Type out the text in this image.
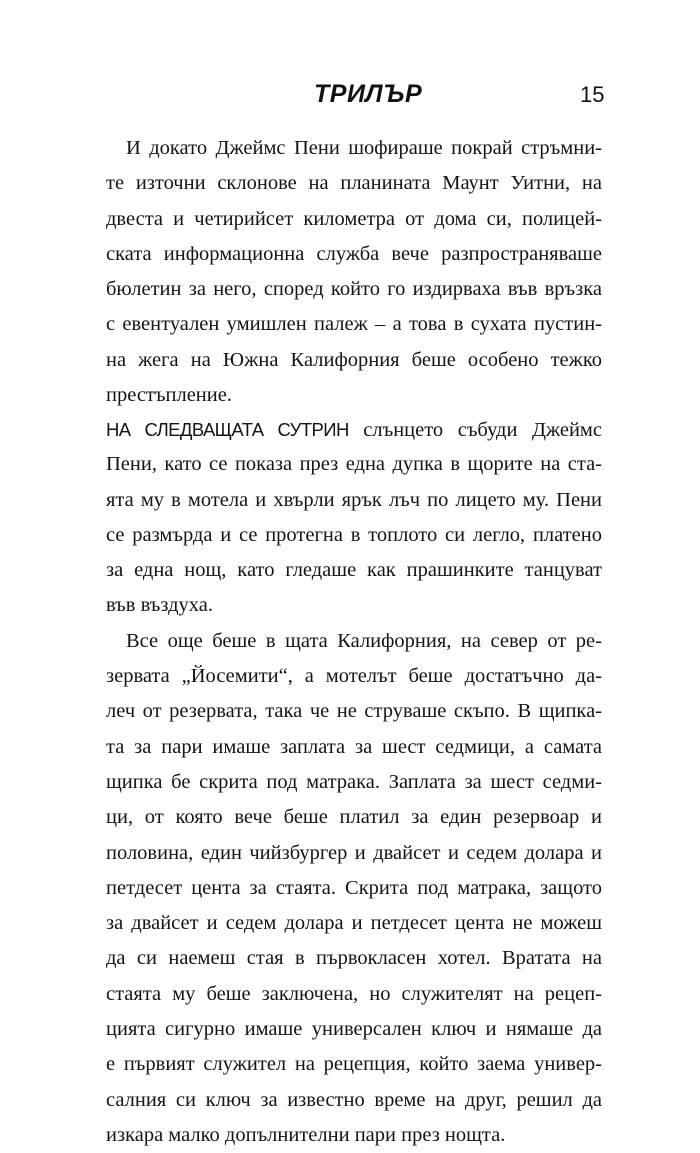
ТРИЛЪР	15
И докато Джеймс Пени шофираше покрай стръмни-
те източни склонове на планината Маунт Уитни, на
двеста и четирийсет километра от дома си, полицей-
ската информационна служба вече разпространяваше
бюлетин за него, според който го издирваха във връзка
с евентуален умишлен палеж – а това в сухата пустин-
на жега на Южна Калифорния беше особено тежко
престъпление.
НА СЛЕДВАЩАТА СУТРИН слънцето събуди Джеймс
Пени, като се показа през една дупка в щорите на ста-
ята му в мотела и хвърли ярък лъч по лицето му. Пени
се размърда и се протегна в топлото си легло, платено
за една нощ, като гледаше как прашинките танцуват
във въздуха.
Все още беше в щата Калифорния, на север от ре-
зервата „Йосемити“, а мотелът беше достатъчно да-
леч от резервата, така че не струваше скъпо. В щипка-
та за пари имаше заплата за шест седмици, а самата
щипка бе скрита под матрака. Заплата за шест седми-
ци, от която вече беше платил за един резервоар и
половина, един чийзбургер и двайсет и седем долара и
петдесет цента за стаята. Скрита под матрака, защото
за двайсет и седем долара и петдесет цента не можеш
да си наемеш стая в първокласен хотел. Вратата на
стаята му беше заключена, но служителят на рецеп-
цията сигурно имаше универсален ключ и нямаше да
е първият служител на рецепция, който заема универ-
салния си ключ за известно време на друг, решил да
изкара малко допълнителни пари през нощта.
